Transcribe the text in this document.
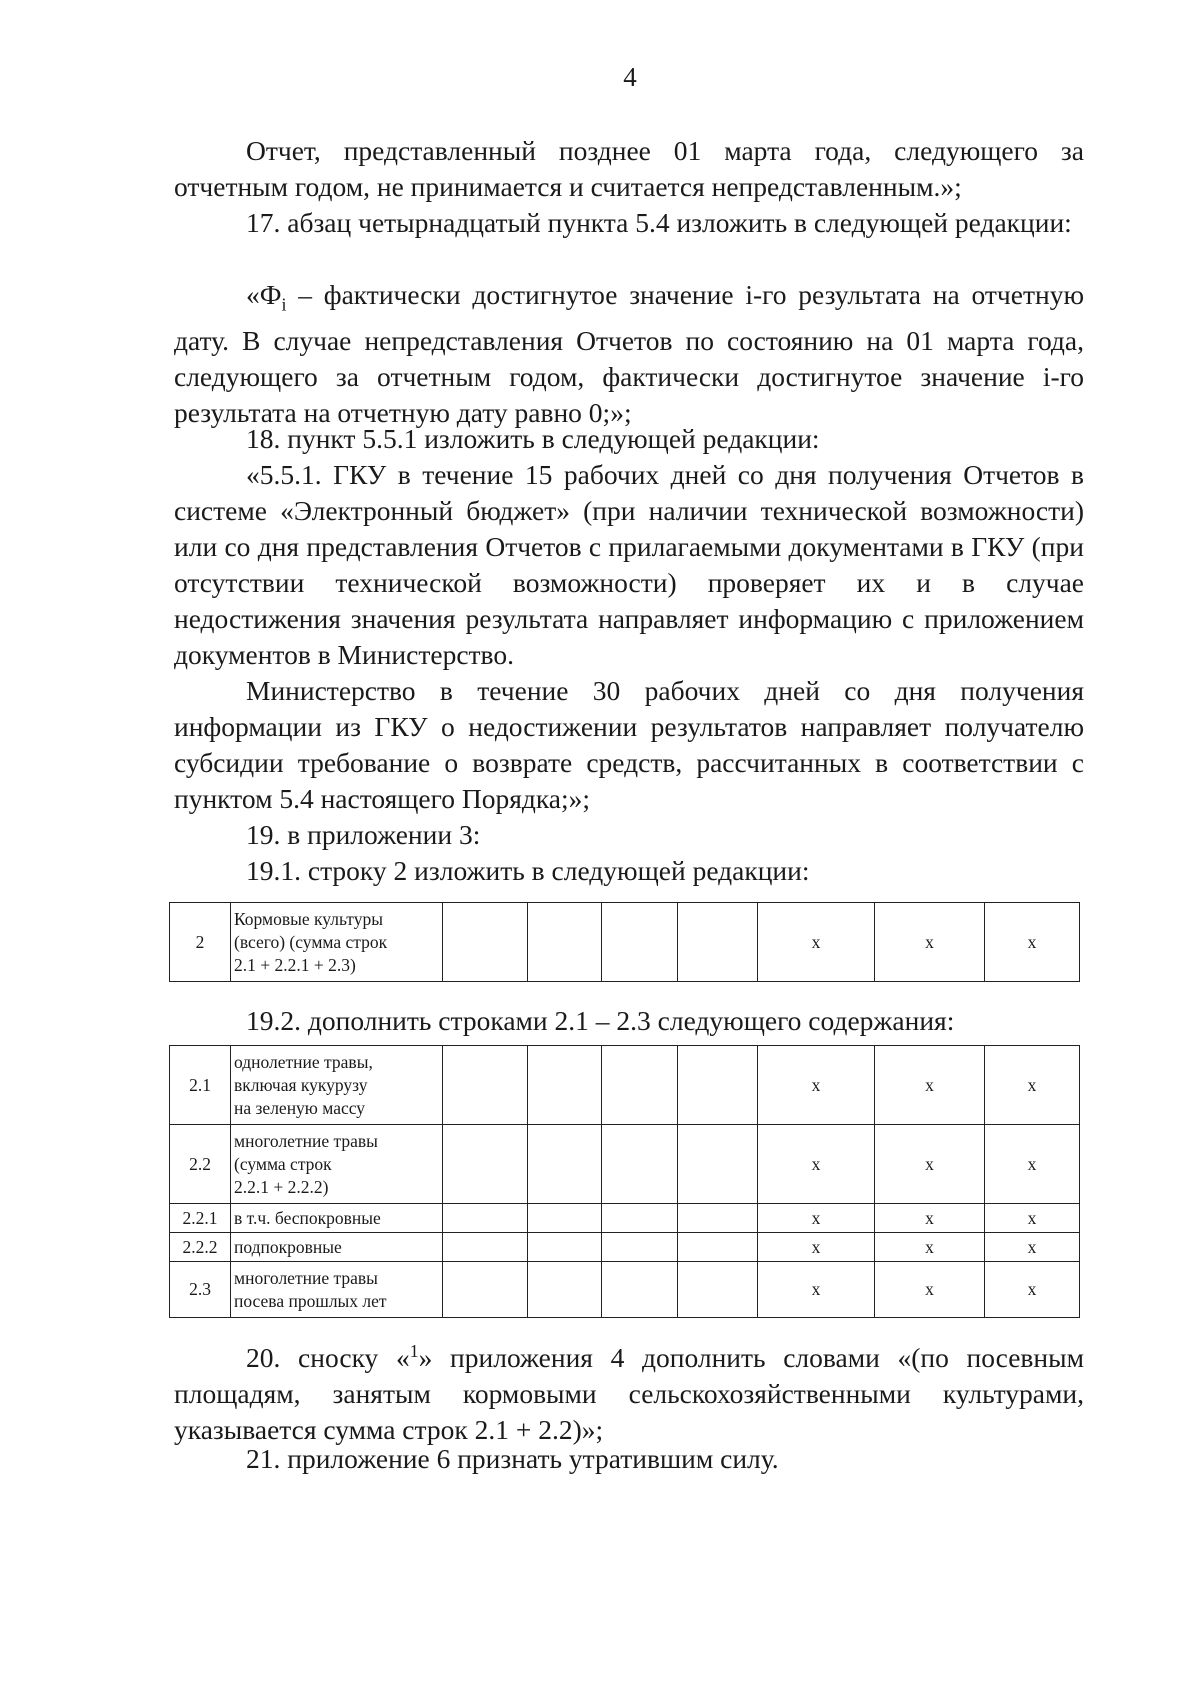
4

Отчет, представленный позднее 01 марта года, следующего за отчетным годом, не принимается и считается непредставленным.»;

17. абзац четырнадцатый пункта 5.4 изложить в следующей редакции:

«$Ф_i$ – фактически достигнутое значение i-го результата на отчетную дату. В случае непредставления Отчетов по состоянию на 01 марта года, следующего за отчетным годом, фактически достигнутое значение i-го результата на отчетную дату равно 0;»;

18. пункт 5.5.1 изложить в следующей редакции:

«5.5.1. ГКУ в течение 15 рабочих дней со дня получения Отчетов в системе «Электронный бюджет» (при наличии технической возможности) или со дня представления Отчетов с прилагаемыми документами в ГКУ (при отсутствии технической возможности) проверяет их и в случае недостижения значения результата направляет информацию с приложением документов в Министерство.

Министерство в течение 30 рабочих дней со дня получения информации из ГКУ о недостижении результатов направляет получателю субсидии требование о возврате средств, рассчитанных в соответствии с пунктом 5.4 настоящего Порядка;»;

19. в приложении 3:

19.1. строку 2 изложить в следующей редакции:

2	Кормовые культуры
(всего) (сумма строк
2.1 + 2.2.1 + 2.3)					x	x	x

19.2. дополнить строками 2.1 – 2.3 следующего содержания:

2.1	однолетние травы,
включая кукурузу
на зеленую массу					x	x	x
2.2	многолетние травы
(сумма строк
2.2.1 + 2.2.2)					x	x	x
2.2.1	в т.ч. беспокровные					x	x	x
2.2.2	подпокровные					x	x	x
2.3	многолетние травы
посева прошлых лет					x	x	x

20. сноску «$^1$» приложения 4 дополнить словами «(по посевным площадям, занятым кормовыми сельскохозяйственными культурами, указывается сумма строк 2.1 + 2.2)»;

21. приложение 6 признать утратившим силу.
